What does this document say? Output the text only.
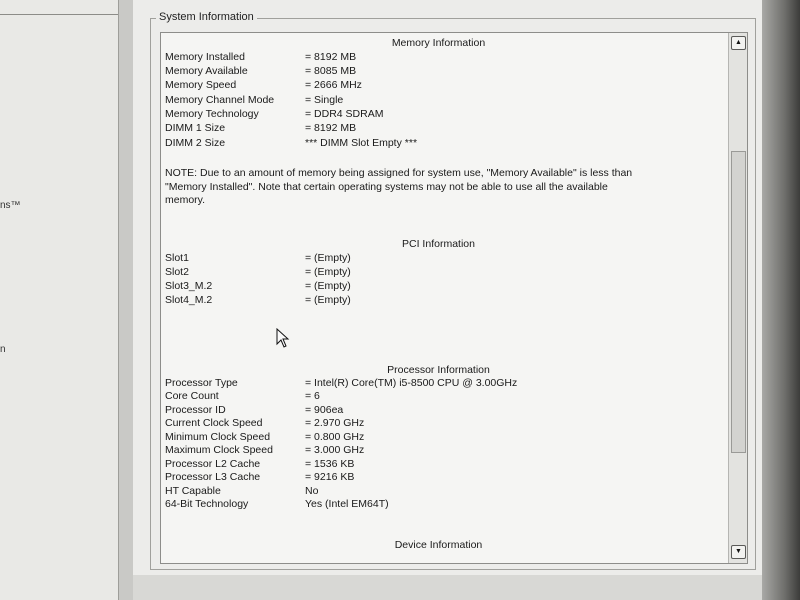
ns™
n
System Information
Memory Information
Memory Installed	= 8192 MB
Memory Available	= 8085 MB
Memory Speed	= 2666 MHz
Memory Channel Mode	= Single
Memory Technology	= DDR4 SDRAM
DIMM 1 Size	= 8192 MB
DIMM 2 Size	*** DIMM Slot Empty ***
NOTE: Due to an amount of memory being assigned for system use, "Memory Available" is less than "Memory Installed". Note that certain operating systems may not be able to use all the available memory.
PCI Information
Slot1	= (Empty)
Slot2	= (Empty)
Slot3_M.2	= (Empty)
Slot4_M.2	= (Empty)
Processor Information
Processor Type	= Intel(R) Core(TM) i5-8500 CPU @ 3.00GHz
Core Count	= 6
Processor ID	= 906ea
Current Clock Speed	= 2.970 GHz
Minimum Clock Speed	= 0.800 GHz
Maximum Clock Speed	= 3.000 GHz
Processor L2 Cache	= 1536 KB
Processor L3 Cache	= 9216 KB
HT Capable	No
64-Bit Technology	Yes (Intel EM64T)
Device Information
▲
▼
